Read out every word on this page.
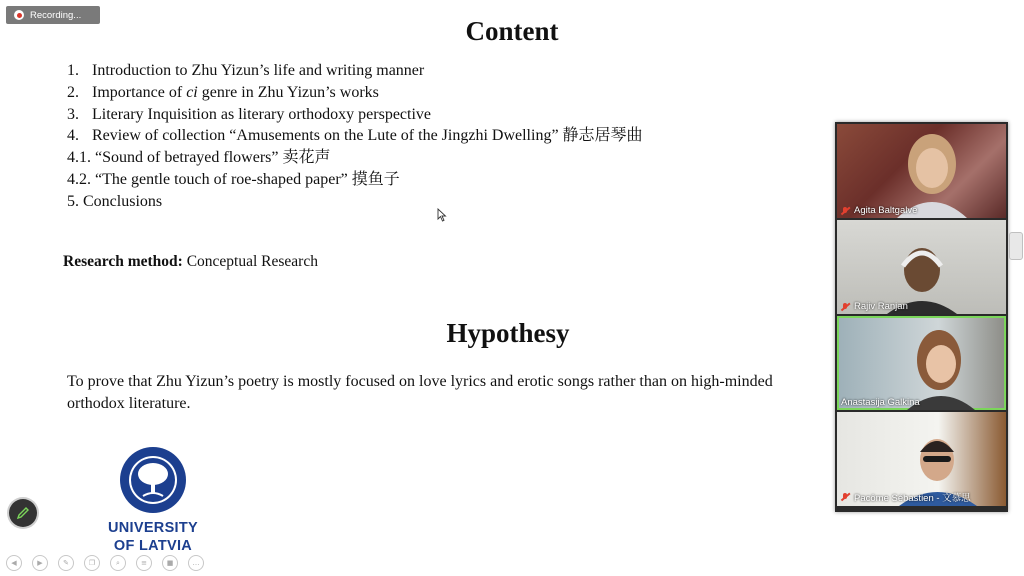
Recording...
Content
1. Introduction to Zhu Yizun’s life and writing manner
2. Importance of ci genre in Zhu Yizun’s works
3. Literary Inquisition as literary orthodoxy perspective
4. Review of collection “Amusements on the Lute of the Jingzhi Dwelling” 静志居琴曲
4.1. “Sound of betrayed flowers” 卖花声
4.2. “The gentle touch of roe-shaped paper” 摸鱼子
5. Conclusions
Research method: Conceptual Research
Hypothesy
To prove that Zhu Yizun’s poetry is mostly focused on love lyrics and erotic songs rather than on high-minded
orthodox literature.
UNIVERSITY
OF LATVIA
◀	▶	✎	❐	⌕	≡	■	…
Agita Baltgalve
Rajiv Ranjan
Anastasija Galkina
Pacôme Sébastien - 文慕思
